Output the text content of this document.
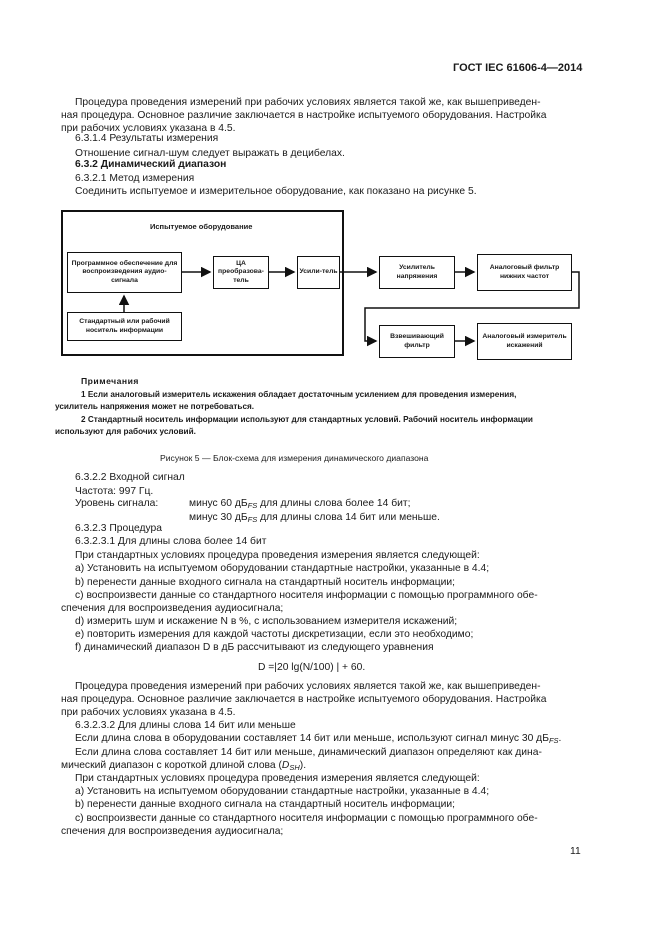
ГОСТ IEC 61606-4—2014
Процедура проведения измерений при рабочих условиях является такой же, как вышеприведен-
ная процедура. Основное различие заключается в настройке испытуемого оборудования. Настройка
при рабочих условиях указана в 4.5.
6.3.1.4 Результаты измерения
Отношение сигнал-шум следует выражать в децибелах.
6.3.2 Динамический диапазон
6.3.2.1 Метод измерения
Соединить испытуемое и измерительное оборудование, как показано на рисунке 5.
Испытуемое оборудование
Программное обеспечение для воспроизведения аудио-сигнала
Стандартный или рабочий носитель информации
ЦА преобразова-тель
Усили-тель
Усилитель напряжения
Аналоговый фильтр нижних частот
Взвешивающий фильтр
Аналоговый измеритель искажений
Примечания
1 Если аналоговый измеритель искажения обладает достаточным усилением для проведения измерения,
усилитель напряжения может не потребоваться.
2 Стандартный носитель информации используют для стандартных условий. Рабочий носитель информации
используют для рабочих условий.
Рисунок 5 — Блок-схема для измерения динамического диапазона
6.3.2.2 Входной сигнал
Частота: 997 Гц.
Уровень сигнала:	минус 60 $дБ_{FS}$ для длины слова более 14 бит;
минус 30 $дБ_{FS}$ для длины слова 14 бит или меньше.
6.3.2.3 Процедура
6.3.2.3.1 Для длины слова более 14 бит
При стандартных условиях процедура проведения измерения является следующей:
а) Установить на испытуемом оборудовании стандартные настройки, указанные в 4.4;
b) перенести данные входного сигнала на стандартный носитель информации;
c) воспроизвести данные со стандартного носителя информации с помощью программного обе-
спечения для воспроизведения аудиосигнала;
d) измерить шум и искажение N в %, с использованием измерителя искажений;
e) повторить измерения для каждой частоты дискретизации, если это необходимо;
f) динамический диапазон D в дБ рассчитывают из следующего уравнения
D =|20 lg(N/100) | + 60.
Процедура проведения измерений при рабочих условиях является такой же, как вышеприведен-
ная процедура. Основное различие заключается в настройке испытуемого оборудования. Настройка
при рабочих условиях указана в 4.5.
6.3.2.3.2 Для длины слова 14 бит или меньше
Если длина слова в оборудовании составляет 14 бит или меньше, используют сигнал минус 30 $дБ_{FS}$.
Если длина слова составляет 14 бит или меньше, динамический диапазон определяют как дина-
мический диапазон с короткой длиной слова $(D_{SH})$.
При стандартных условиях процедура проведения измерения является следующей:
а) Установить на испытуемом оборудовании стандартные настройки, указанные в 4.4;
b) перенести данные входного сигнала на стандартный носитель информации;
c) воспроизвести данные со стандартного носителя информации с помощью программного обе-
спечения для воспроизведения аудиосигнала;
11
